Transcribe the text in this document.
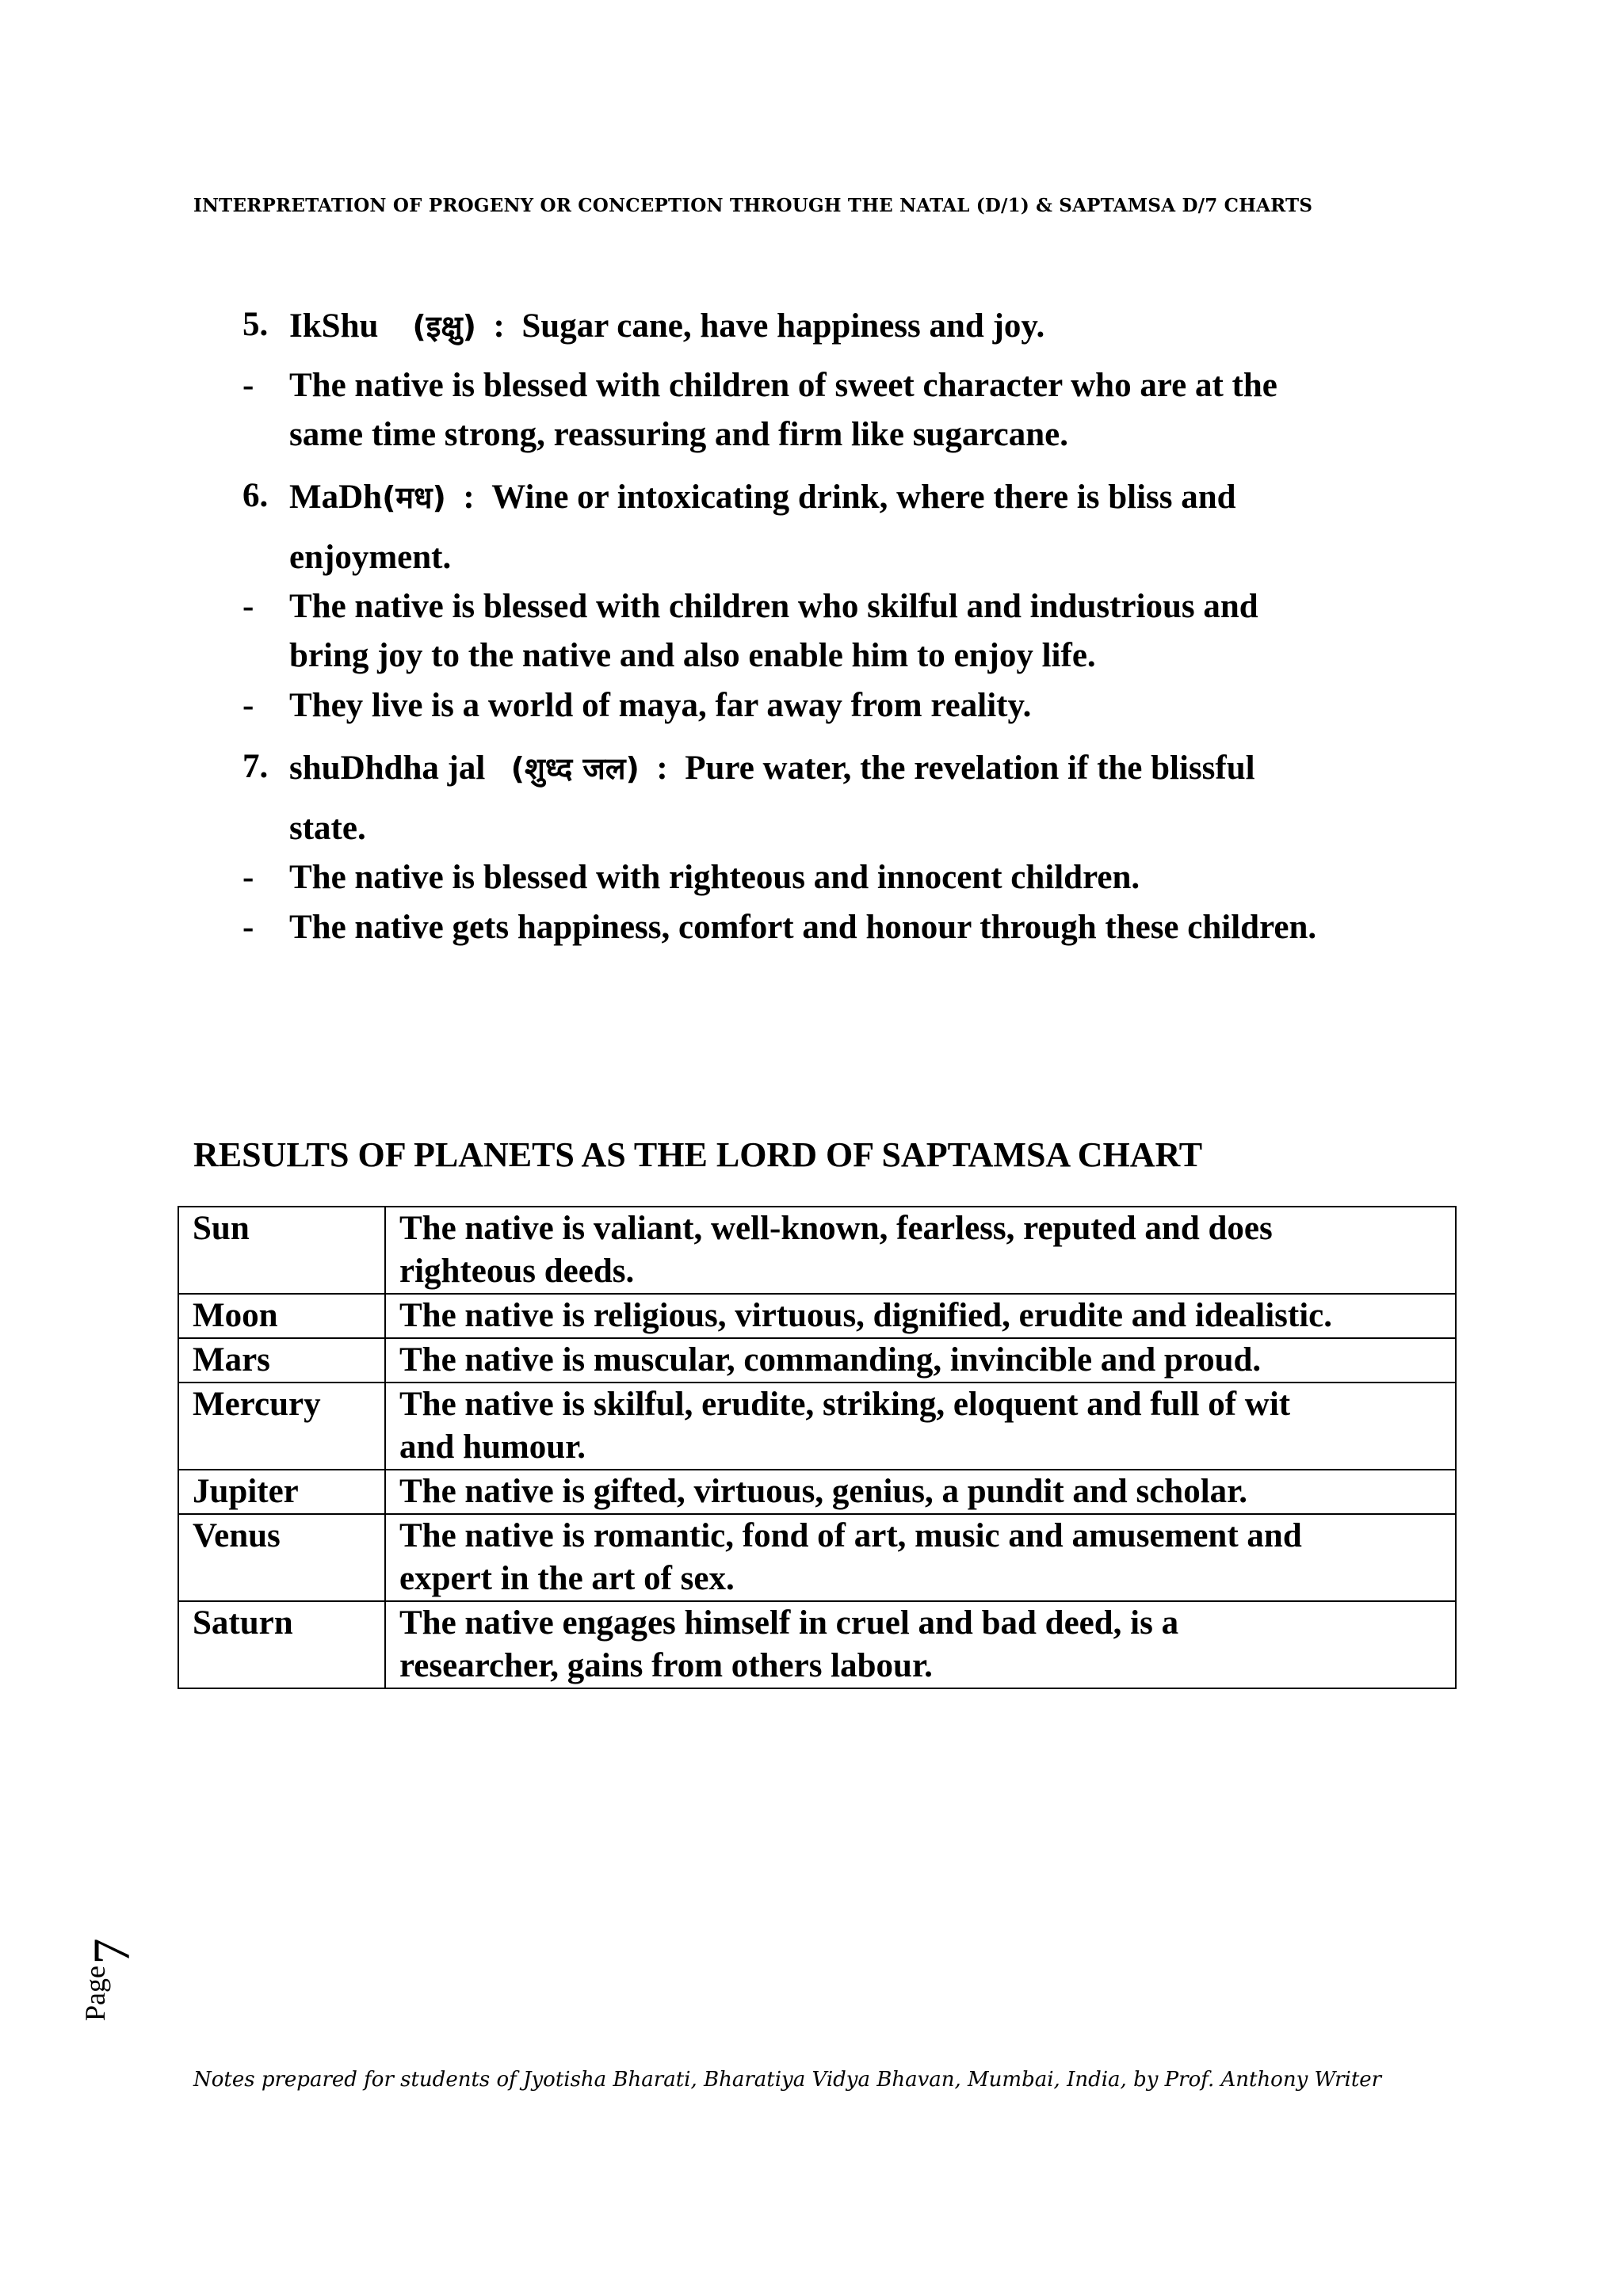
INTERPRETATION OF PROGENY OR CONCEPTION THROUGH THE NATAL (D/1) & SAPTAMSA D/7 CHARTS
5. IkShu (इक्षु) : Sugar cane, have happiness and joy.
- The native is blessed with children of sweet character who are at the
same time strong, reassuring and firm like sugarcane.
6. MaDh(मध) : Wine or intoxicating drink, where there is bliss and
enjoyment.
- The native is blessed with children who skilful and industrious and
bring joy to the native and also enable him to enjoy life.
- They live is a world of maya, far away from reality.
7. shuDhdha jal (शुध्द जल) : Pure water, the revelation if the blissful
state.
- The native is blessed with righteous and innocent children.
- The native gets happiness, comfort and honour through these children.
RESULTS OF PLANETS AS THE LORD OF SAPTAMSA CHART
Sun	The native is valiant, well-known, fearless, reputed and does
righteous deeds.
Moon	The native is religious, virtuous, dignified, erudite and idealistic.
Mars	The native is muscular, commanding, invincible and proud.
Mercury	The native is skilful, erudite, striking, eloquent and full of wit
and humour.
Jupiter	The native is gifted, virtuous, genius, a pundit and scholar.
Venus	The native is romantic, fond of art, music and amusement and
expert in the art of sex.
Saturn	The native engages himself in cruel and bad deed, is a
researcher, gains from others labour.
Page
7
Notes prepared for students of Jyotisha Bharati, Bharatiya Vidya Bhavan, Mumbai, India, by Prof. Anthony Writer
